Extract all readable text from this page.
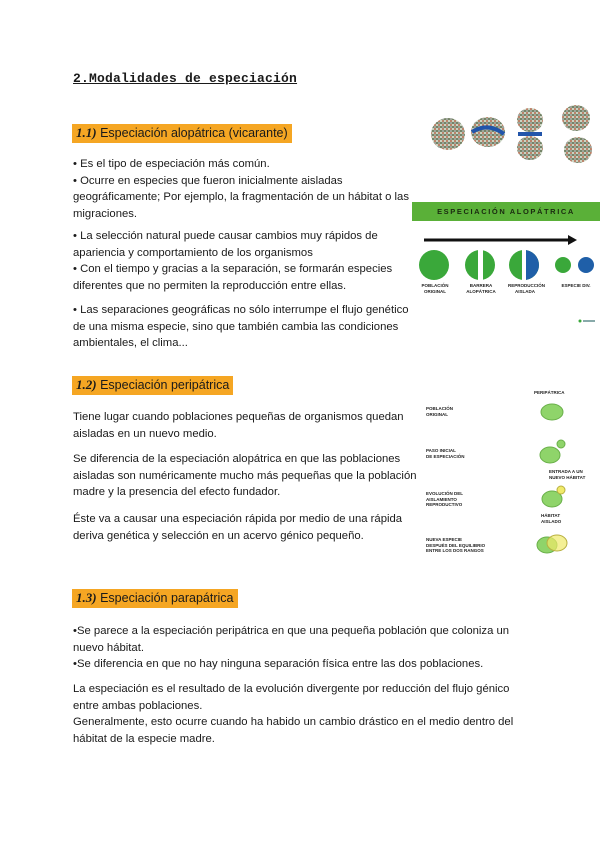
2.Modalidades de especiación
1.1) Especiación alopátrica (vicarante)
• Es el tipo de especiación más común.
• Ocurre en especies que fueron inicialmente aisladas
geográficamente; Por ejemplo, la fragmentación de un hábitat o las
migraciones.
• La selección natural puede causar cambios muy rápidos de
apariencia y comportamiento de los organismos
• Con el tiempo y gracias a la separación, se formarán especies
diferentes que no permiten la reproducción entre ellas.
• Las separaciones geográficas no sólo interrumpe el flujo genético
de una misma especie, sino que también cambia las condiciones
ambientales, el clima...
ESPECIACIÓN ALOPÁTRICA
POBLACIÓN ORIGINAL
BARRERA ALOPÁTRICA
REPRODUCCIÓN AISLADA
ESPECIE DIV.
1.2) Especiación peripátrica
Tiene lugar cuando poblaciones pequeñas de organismos quedan
aisladas en un nuevo medio.
Se diferencia de la especiación alopátrica en que las poblaciones
aisladas son numéricamente mucho más pequeñas que la población
madre y la presencia del efecto fundador.
Éste va a causar una especiación rápida por medio de una rápida
deriva genética y selección en un acervo génico pequeño.
PERIPÁTRICA
POBLACIÓN
ORIGINAL
PASO INICIAL
DE ESPECIACIÓN
EVOLUCIÓN DEL
AISLAMIENTO
REPRODUCTIVO
NUEVA ESPECIE
DESPUÉS DEL EQUILIBRIO
ENTRE LOS DOS RANGOS
ENTRADA A UN
NUEVO HÁBITAT
HÁBITAT
AISLADO
1.3) Especiación parapátrica
•Se parece a la especiación peripátrica en que una pequeña población que coloniza un
nuevo hábitat.
•Se diferencia en que no hay ninguna separación física entre las dos poblaciones.
La especiación es el resultado de la evolución divergente por reducción del flujo génico
entre ambas poblaciones.
Generalmente, esto ocurre cuando ha habido un cambio drástico en el medio dentro del
hábitat de la especie madre.
